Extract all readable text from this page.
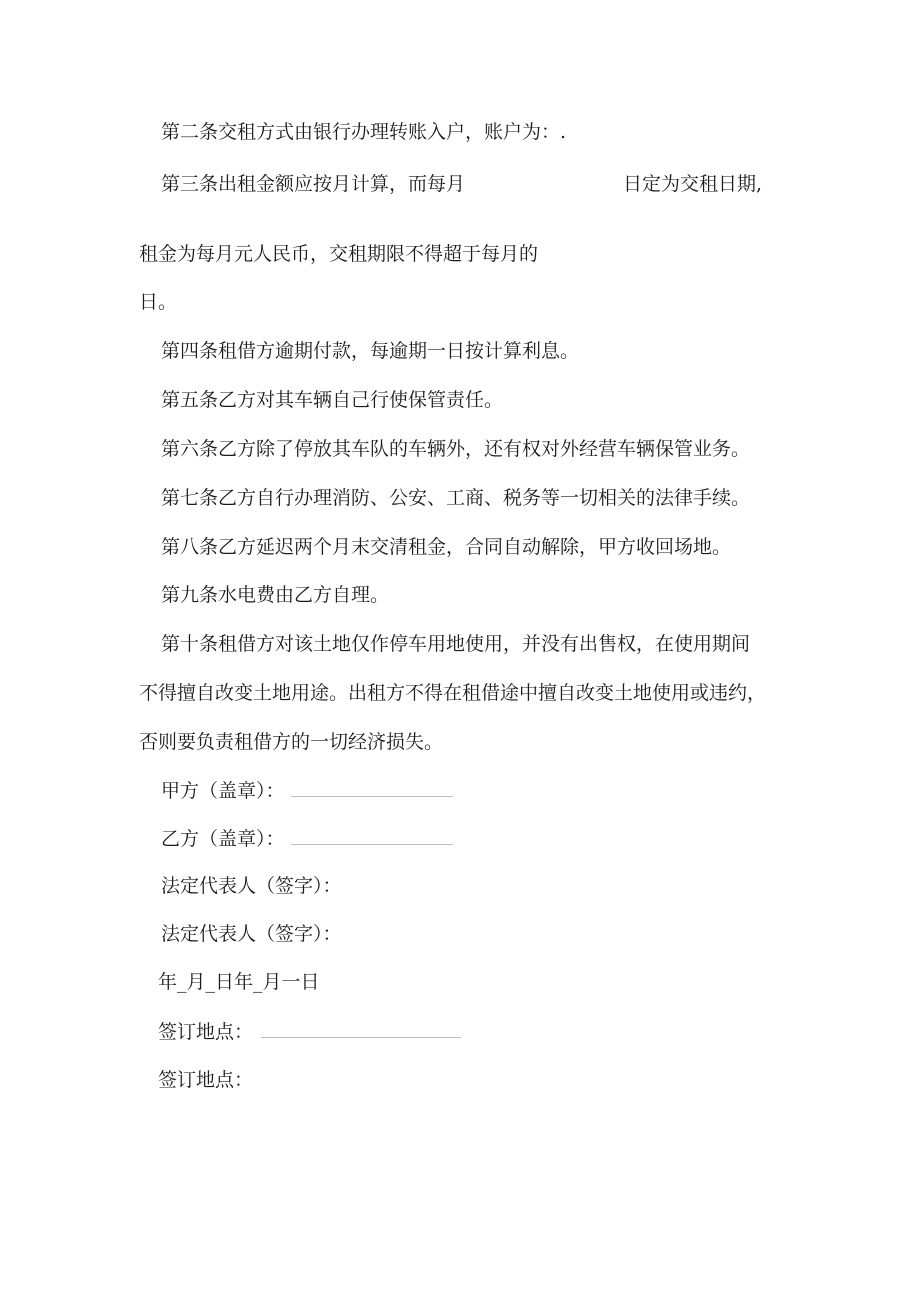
第二条交租方式由银行办理转账入户，账户为：.
第三条出租金额应按月计算，而每月	日定为交租日期,
租金为每月元人民币，交租期限不得超于每月的
日。
第四条租借方逾期付款，每逾期一日按计算利息。
第五条乙方对其车辆自己行使保管责任。
第六条乙方除了停放其车队的车辆外，还有权对外经营车辆保管业务。
第七条乙方自行办理消防、公安、工商、税务等一切相关的法律手续。
第八条乙方延迟两个月末交清租金，合同自动解除，甲方收回场地。
第九条水电费由乙方自理。
第十条租借方对该土地仅作停车用地使用，并没有出售权，在使用期间
不得擅自改变土地用途。出租方不得在租借途中擅自改变土地使用或违约，
否则要负责租借方的一切经济损失。
甲方（盖章）：
乙方（盖章）：
法定代表人（签字）：
法定代表人（签字）：
年_月_日年_月一日
签订地点：
签订地点：
